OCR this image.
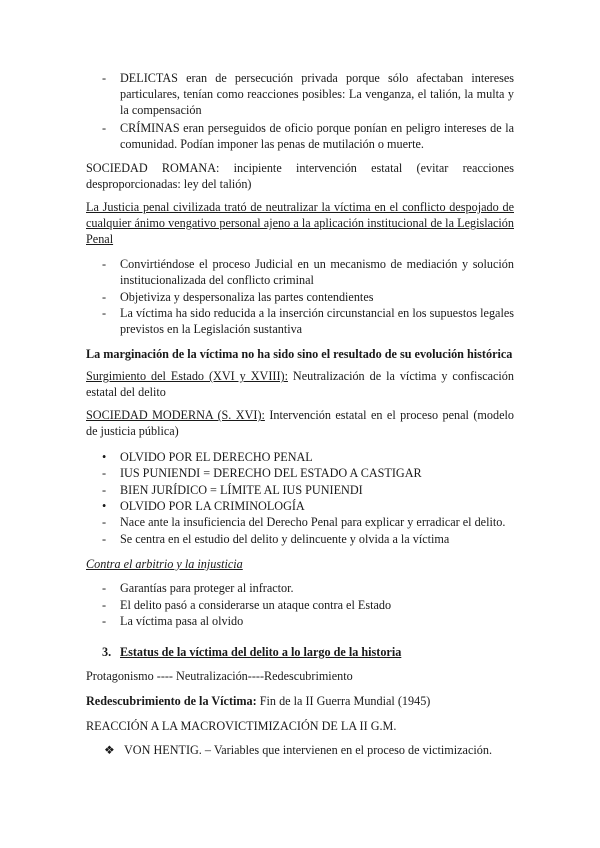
-	DELICTAS eran de persecución privada porque sólo afectaban intereses particulares, tenían como reacciones posibles: La venganza, el talión, la multa y la compensación
-	CRÍMINAS eran perseguidos de oficio porque ponían en peligro intereses de la comunidad. Podían imponer las penas de mutilación o muerte.

SOCIEDAD ROMANA: incipiente intervención estatal (evitar reacciones desproporcionadas: ley del talión)

La Justicia penal civilizada trató de neutralizar la víctima en el conflicto despojado de cualquier ánimo vengativo personal ajeno a la aplicación institucional de la Legislación Penal

-	Convirtiéndose el proceso Judicial en un mecanismo de mediación y solución institucionalizada del conflicto criminal
-	Objetiviza y despersonaliza las partes contendientes
-	La víctima ha sido reducida a la inserción circunstancial en los supuestos legales previstos en la Legislación sustantiva

La marginación de la víctima no ha sido sino el resultado de su evolución histórica

Surgimiento del Estado (XVI y XVIII): Neutralización de la víctima y confiscación estatal del delito

SOCIEDAD MODERNA (S. XVI): Intervención estatal en el proceso penal (modelo de justicia pública)

•	OLVIDO POR EL DERECHO PENAL
-	IUS PUNIENDI = DERECHO DEL ESTADO A CASTIGAR
-	BIEN JURÍDICO = LÍMITE AL IUS PUNIENDI
•	OLVIDO POR LA CRIMINOLOGÍA
-	Nace ante la insuficiencia del Derecho Penal para explicar y erradicar el delito.
-	Se centra en el estudio del delito y delincuente y olvida a la víctima

Contra el arbitrio y la injusticia

-	Garantías para proteger al infractor.
-	El delito pasó a considerarse un ataque contra el Estado
-	La víctima pasa al olvido
3. Estatus de la víctima del delito a lo largo de la historia

Protagonismo ---- Neutralización----Redescubrimiento

Redescubrimiento de la Víctima: Fin de la II Guerra Mundial (1945)

REACCIÓN A LA MACROVICTIMIZACIÓN DE LA II G.M.

❖ VON HENTIG. – Variables que intervienen en el proceso de victimización.
